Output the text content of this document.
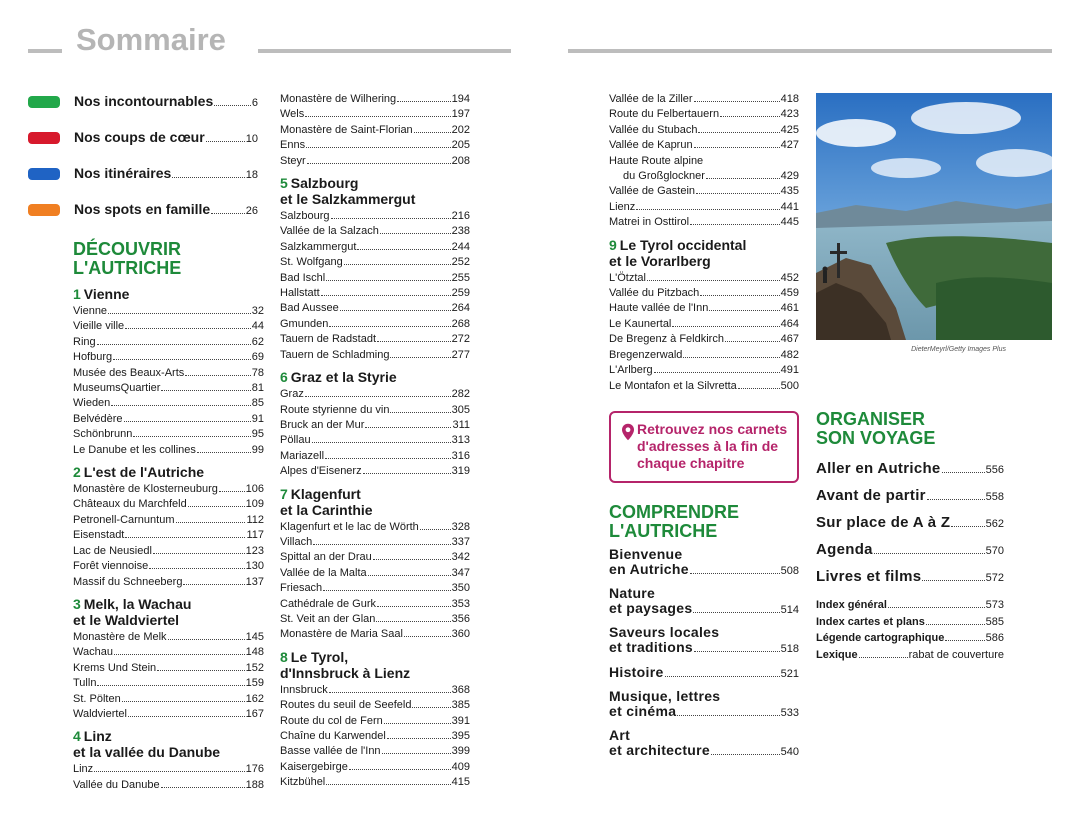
Sommaire
Nos incontournables	6
Nos coups de cœur	10
Nos itinéraires	18
Nos spots en famille	26
DÉCOUVRIR
L'AUTRICHE
1 Vienne
Vienne	32
Vieille ville	44
Ring	62
Hofburg	69
Musée des Beaux-Arts	78
MuseumsQuartier	81
Wieden	85
Belvédère	91
Schönbrunn	95
Le Danube et les collines	99
2 L'est de l'Autriche
Monastère de Klosterneuburg	106
Châteaux du Marchfeld	109
Petronell-Carnuntum	112
Eisenstadt	117
Lac de Neusiedl	123
Forêt viennoise	130
Massif du Schneeberg	137
3 Melk, la Wachau
et le Waldviertel
Monastère de Melk	145
Wachau	148
Krems Und Stein	152
Tulln	159
St. Pölten	162
Waldviertel	167
4 Linz
et la vallée du Danube
Linz	176
Vallée du Danube	188
Monastère de Wilhering	194
Wels	197
Monastère de Saint-Florian	202
Enns	205
Steyr	208
5 Salzbourg
et le Salzkammergut
Salzbourg	216
Vallée de la Salzach	238
Salzkammergut	244
St. Wolfgang	252
Bad Ischl	255
Hallstatt	259
Bad Aussee	264
Gmunden	268
Tauern de Radstadt	272
Tauern de Schladming	277
6 Graz et la Styrie
Graz	282
Route styrienne du vin	305
Bruck an der Mur	311
Pöllau	313
Mariazell	316
Alpes d'Eisenerz	319
7 Klagenfurt
et la Carinthie
Klagenfurt et le lac de Wörth	328
Villach	337
Spittal an der Drau	342
Vallée de la Malta	347
Friesach	350
Cathédrale de Gurk	353
St. Veit an der Glan	356
Monastère de Maria Saal	360
8 Le Tyrol,
d'Innsbruck à Lienz
Innsbruck	368
Routes du seuil de Seefeld	385
Route du col de Fern	391
Chaîne du Karwendel	395
Basse vallée de l'Inn	399
Kaisergebirge	409
Kitzbühel	415
Vallée de la Ziller	418
Route du Felbertauern	423
Vallée du Stubach	425
Vallée de Kaprun	427
Haute Route alpine
du Großglockner	429
Vallée de Gastein	435
Lienz	441
Matrei in Osttirol	445
9 Le Tyrol occidental
et le Vorarlberg
L'Ötztal	452
Vallée du Pitzbach	459
Haute vallée de l'Inn	461
Le Kaunertal	464
De Bregenz à Feldkirch	467
Bregenzerwald	482
L'Arlberg	491
Le Montafon et la Silvretta	500
Retrouvez nos carnets
d'adresses à la fin de
chaque chapitre
COMPRENDRE
L'AUTRICHE
Bienvenue
en Autriche	508
Nature
et paysages	514
Saveurs locales
et traditions	518
Histoire	521
Musique, lettres
et cinéma	533
Art
et architecture	540
DieterMeyrl/Getty Images Plus
ORGANISER
SON VOYAGE
Aller en Autriche	556
Avant de partir	558
Sur place de A à Z	562
Agenda	570
Livres et films	572
Index général	573
Index cartes et plans	585
Légende cartographique	586
Lexique	rabat de couverture
